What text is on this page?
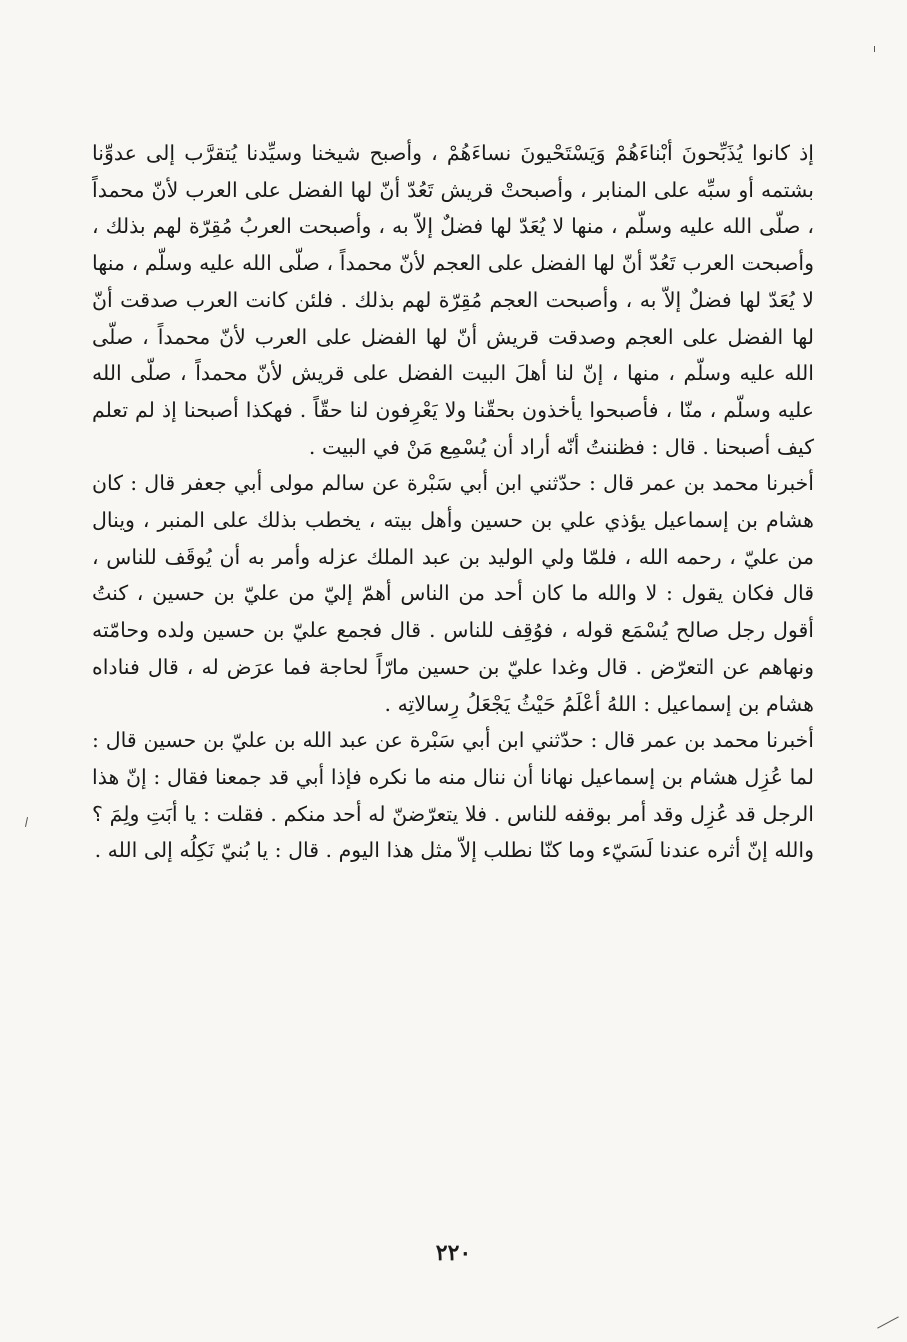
إذ كانوا يُذَبِّحونَ أبْناءَهُمْ وَيَسْتَحْيونَ نساءَهُمْ ، وأصبح شيخنا وسيِّدنا يُتقرَّب إلى عدوِّنا بشتمه أو سبِّه على المنابر ، وأصبحتْ قريش تَعُدّ أنّ لها الفضل على العرب لأنّ محمداً ، صلّى الله عليه وسلّم ، منها لا يُعَدّ لها فضلٌ إلاّ به ، وأصبحت العربُ مُقِرّة لهم بذلك ، وأصبحت العرب تَعُدّ أنّ لها الفضل على العجم لأنّ محمداً ، صلّى الله عليه وسلّم ، منها لا يُعَدّ لها فضلٌ إلاّ به ، وأصبحت العجم مُقِرّة لهم بذلك . فلئن كانت العرب صدقت أنّ لها الفضل على العجم وصدقت قريش أنّ لها الفضل على العرب لأنّ محمداً ، صلّى الله عليه وسلّم ، منها ، إنّ لنا أهلَ البيت الفضل على قريش لأنّ محمداً ، صلّى الله عليه وسلّم ، منّا ، فأصبحوا يأخذون بحقّنا ولا يَعْرِفون لنا حقّاً . فهكذا أصبحنا إذ لم تعلم كيف أصبحنا . قال : فظننتُ أنّه أراد أن يُسْمِع مَنْ في البيت .

أخبرنا محمد بن عمر قال : حدّثني ابن أبي سَبْرة عن سالم مولى أبي جعفر قال : كان هشام بن إسماعيل يؤذي علي بن حسين وأهل بيته ، يخطب بذلك على المنبر ، وينال من عليّ ، رحمه الله ، فلمّا ولي الوليد بن عبد الملك عزله وأمر به أن يُوقَف للناس ، قال فكان يقول : لا والله ما كان أحد من الناس أهمّ إليّ من عليّ بن حسين ، كنتُ أقول رجل صالح يُسْمَع قوله ، فوُقِف للناس . قال فجمع عليّ بن حسين ولده وحامّته ونهاهم عن التعرّض . قال وغدا عليّ بن حسين مارّاً لحاجة فما عرَض له ، قال فناداه هشام بن إسماعيل : اللهُ أعْلَمُ حَيْثُ يَجْعَلُ رِسالاتِه .

أخبرنا محمد بن عمر قال : حدّثني ابن أبي سَبْرة عن عبد الله بن عليّ بن حسين قال : لما عُزِل هشام بن إسماعيل نهانا أن ننال منه ما نكره فإذا أبي قد جمعنا فقال : إنّ هذا الرجل قد عُزِل وقد أمر بوقفه للناس . فلا يتعرّضنّ له أحد منكم . فقلت : يا أبَتِ ولِمَ ؟ والله إنّ أثره عندنا لَسَيّء وما كنّا نطلب إلاّ مثل هذا اليوم . قال : يا بُنيّ نَكِلُه إلى الله .

٢٢٠
